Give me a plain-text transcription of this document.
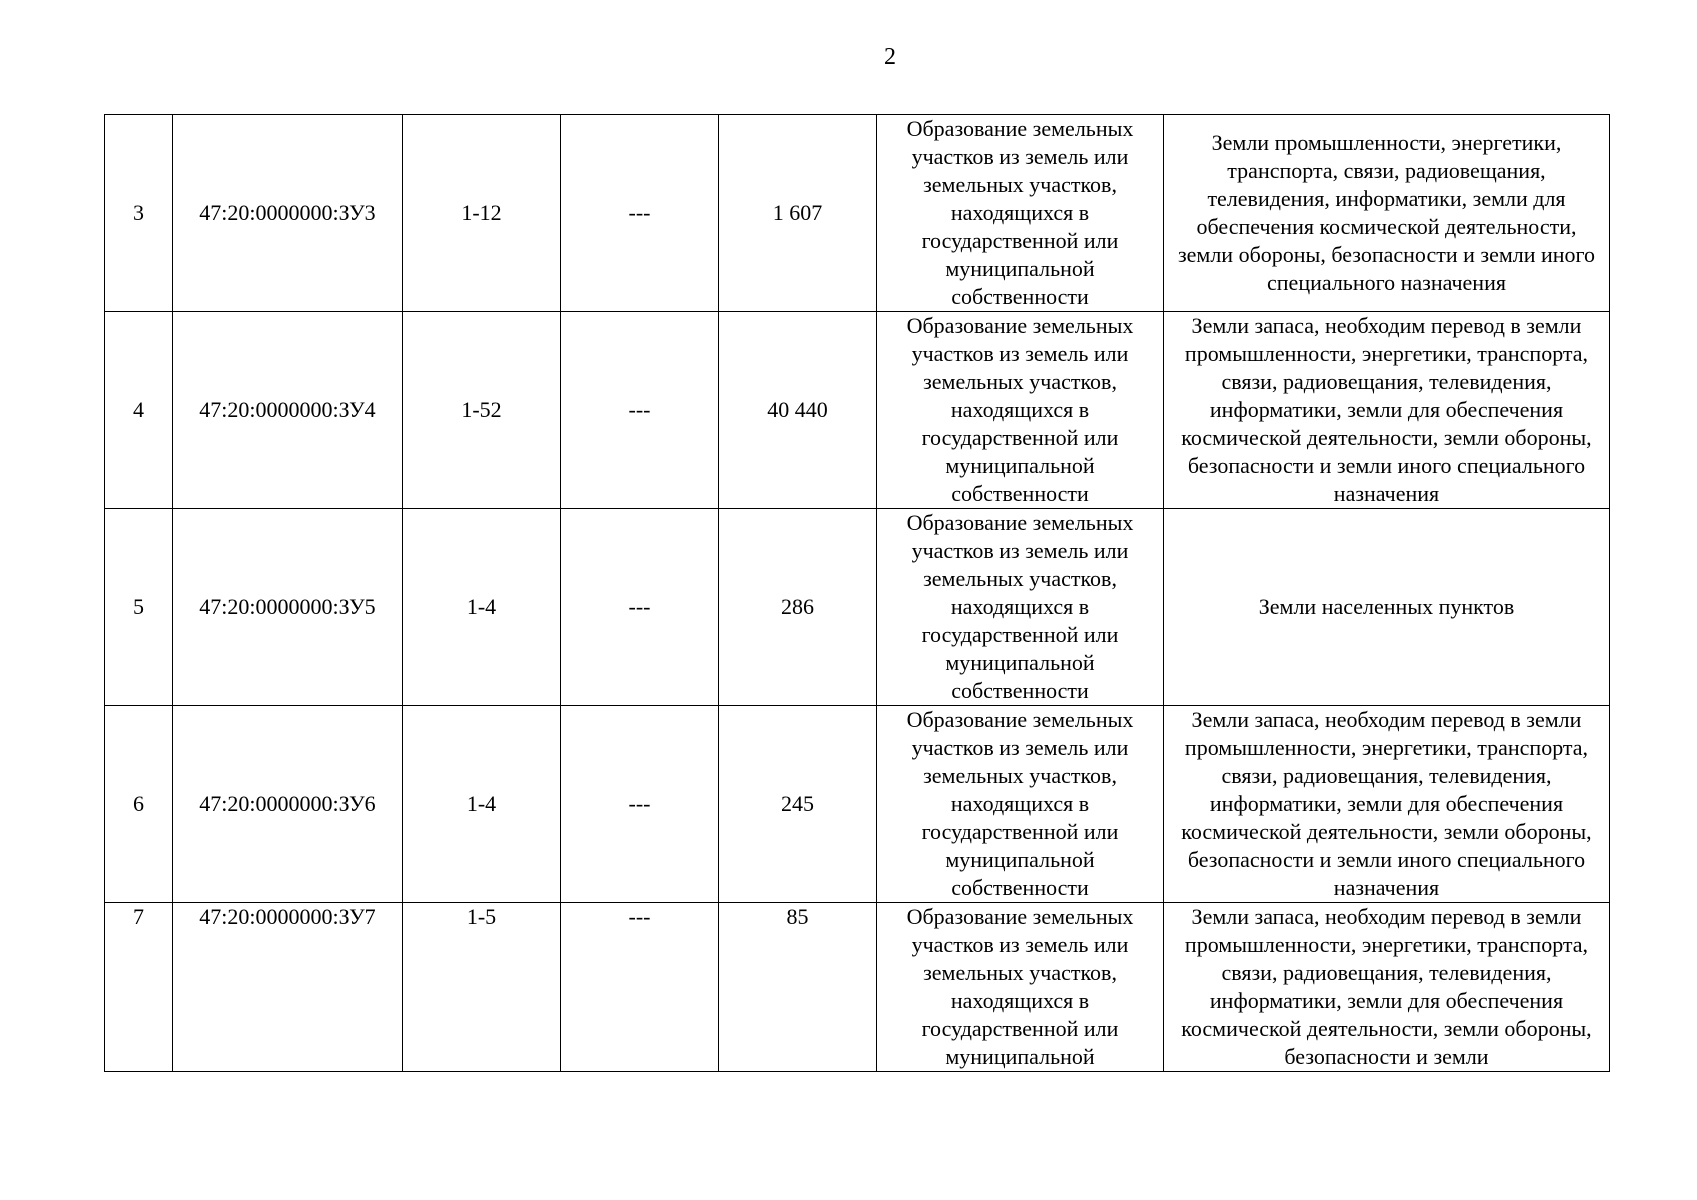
2
3	47:20:0000000:ЗУ3	1-12	---	1 607	Образование земельных участков из земель или земельных участков, находящихся в государственной или муниципальной собственности	Земли промышленности, энергетики, транспорта, связи, радиовещания, телевидения, информатики, земли для обеспечения космической деятельности, земли обороны, безопасности и земли иного специального назначения
4	47:20:0000000:ЗУ4	1-52	---	40 440	Образование земельных участков из земель или земельных участков, находящихся в государственной или муниципальной собственности	Земли запаса, необходим перевод в земли промышленности, энергетики, транспорта, связи, радиовещания, телевидения, информатики, земли для обеспечения космической деятельности, земли обороны, безопасности и земли иного специального назначения
5	47:20:0000000:ЗУ5	1-4	---	286	Образование земельных участков из земель или земельных участков, находящихся в государственной или муниципальной собственности	Земли населенных пунктов
6	47:20:0000000:ЗУ6	1-4	---	245	Образование земельных участков из земель или земельных участков, находящихся в государственной или муниципальной собственности	Земли запаса, необходим перевод в земли промышленности, энергетики, транспорта, связи, радиовещания, телевидения, информатики, земли для обеспечения космической деятельности, земли обороны, безопасности и земли иного специального назначения

7	47:20:0000000:ЗУ7	1-5	---	85	Образование земельных участков из земель или земельных участков, находящихся в государственной или муниципальной	Земли запаса, необходим перевод в земли промышленности, энергетики, транспорта, связи, радиовещания, телевидения, информатики, земли для обеспечения космической деятельности, земли обороны, безопасности и земли
